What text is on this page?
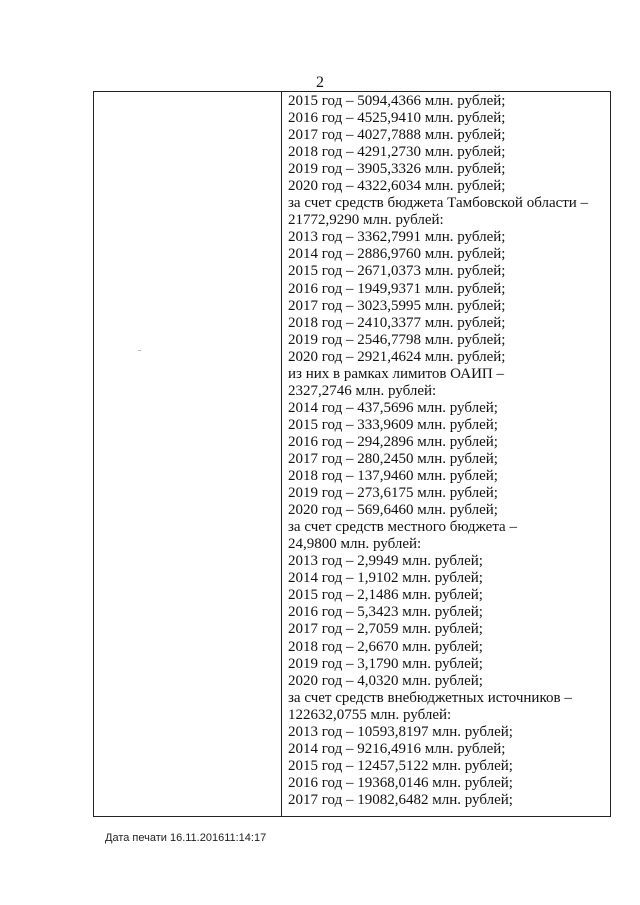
2
2015 год – 5094,4366 млн. рублей;
2016 год – 4525,9410 млн. рублей;
2017 год – 4027,7888 млн. рублей;
2018 год – 4291,2730 млн. рублей;
2019 год – 3905,3326 млн. рублей;
2020 год – 4322,6034 млн. рублей;
за счет средств бюджета Тамбовской области –
21772,9290 млн. рублей:
2013 год – 3362,7991 млн. рублей;
2014 год – 2886,9760 млн. рублей;
2015 год – 2671,0373 млн. рублей;
2016 год – 1949,9371 млн. рублей;
2017 год – 3023,5995 млн. рублей;
2018 год – 2410,3377 млн. рублей;
2019 год – 2546,7798 млн. рублей;
2020 год – 2921,4624 млн. рублей;
из них в рамках лимитов ОАИП –
2327,2746 млн. рублей:
2014 год – 437,5696 млн. рублей;
2015 год – 333,9609 млн. рублей;
2016 год – 294,2896 млн. рублей;
2017 год – 280,2450 млн. рублей;
2018 год – 137,9460 млн. рублей;
2019 год – 273,6175 млн. рублей;
2020 год – 569,6460 млн. рублей;
за счет средств местного бюджета –
24,9800 млн. рублей:
2013 год – 2,9949 млн. рублей;
2014 год – 1,9102 млн. рублей;
2015 год – 2,1486 млн. рублей;
2016 год – 5,3423 млн. рублей;
2017 год – 2,7059 млн. рублей;
2018 год – 2,6670 млн. рублей;
2019 год – 3,1790 млн. рублей;
2020 год – 4,0320 млн. рублей;
за счет средств внебюджетных источников –
122632,0755 млн. рублей:
2013 год – 10593,8197 млн. рублей;
2014 год – 9216,4916 млн. рублей;
2015 год – 12457,5122 млн. рублей;
2016 год – 19368,0146 млн. рублей;
2017 год – 19082,6482 млн. рублей;
Дата печати 16.11.201611:14:17
